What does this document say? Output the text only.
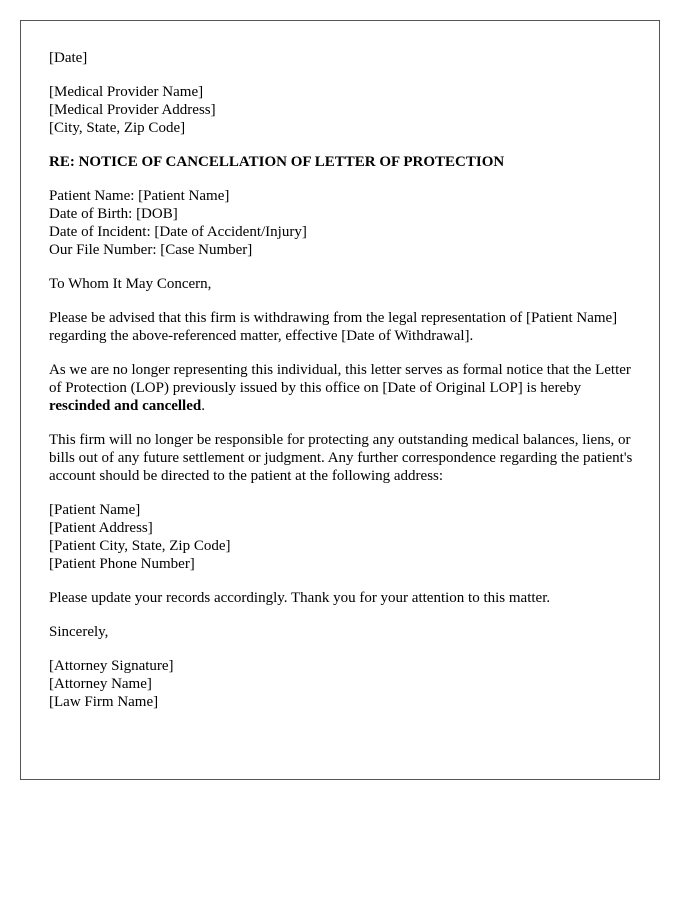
[Date]
[Medical Provider Name]
[Medical Provider Address]
[City, State, Zip Code]
RE: NOTICE OF CANCELLATION OF LETTER OF PROTECTION
Patient Name: [Patient Name]
Date of Birth: [DOB]
Date of Incident: [Date of Accident/Injury]
Our File Number: [Case Number]
To Whom It May Concern,
Please be advised that this firm is withdrawing from the legal representation of [Patient Name] regarding the above-referenced matter, effective [Date of Withdrawal].
As we are no longer representing this individual, this letter serves as formal notice that the Letter of Protection (LOP) previously issued by this office on [Date of Original LOP] is hereby rescinded and cancelled.
This firm will no longer be responsible for protecting any outstanding medical balances, liens, or bills out of any future settlement or judgment. Any further correspondence regarding the patient's account should be directed to the patient at the following address:
[Patient Name]
[Patient Address]
[Patient City, State, Zip Code]
[Patient Phone Number]
Please update your records accordingly. Thank you for your attention to this matter.
Sincerely,
[Attorney Signature]
[Attorney Name]
[Law Firm Name]
